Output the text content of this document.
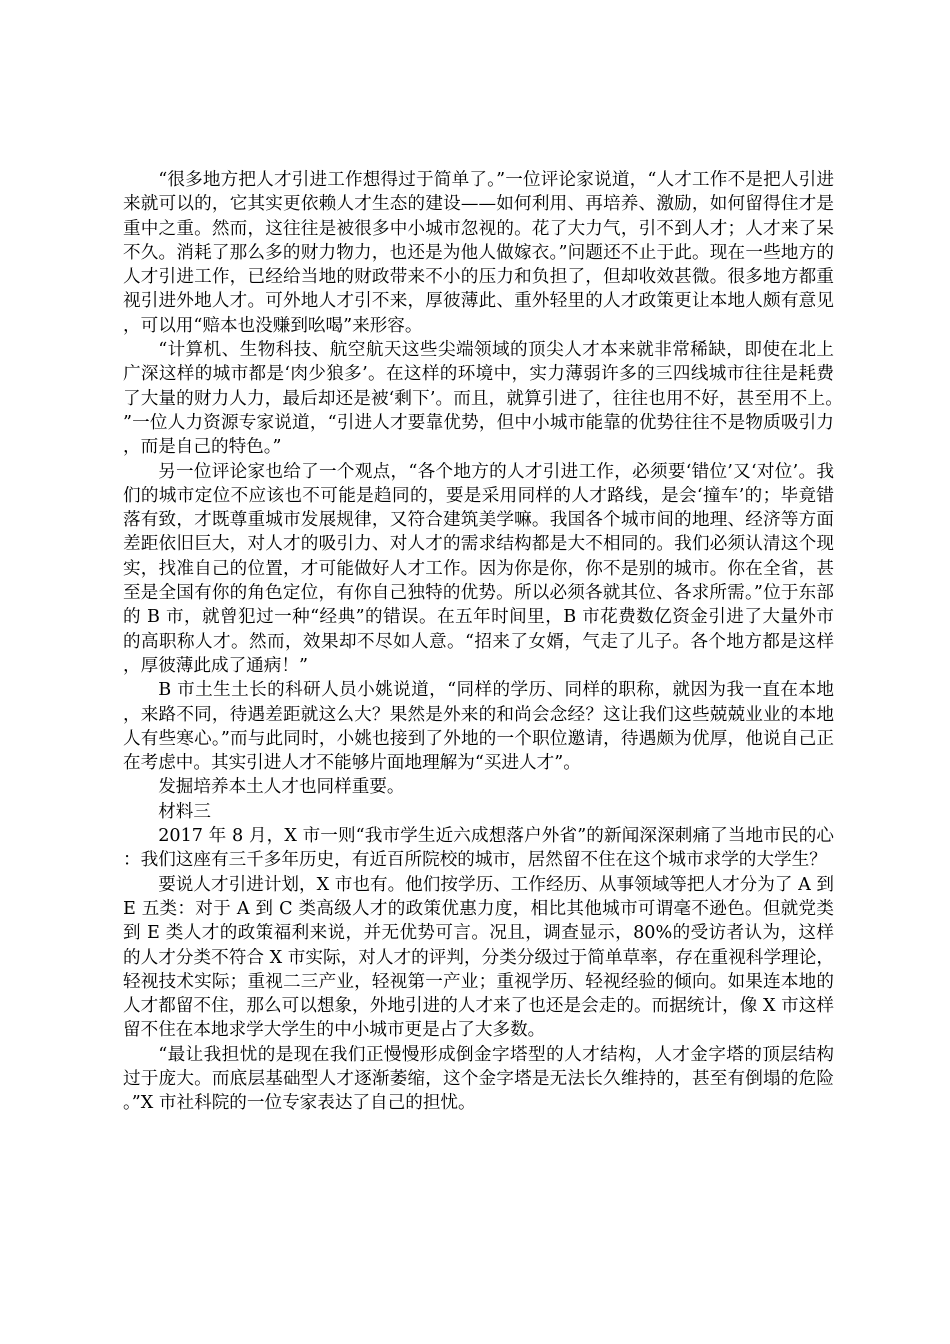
“很多地方把人才引进工作想得过于简单了。”一位评论家说道，“人才工作不是把人引进来就可以的，它其实更依赖人才生态的建设——如何利用、再培养、激励，如何留得住才是重中之重。然而，这往往是被很多中小城市忽视的。花了大力气，引不到人才；人才来了呆不久。消耗了那么多的财力物力，也还是为他人做嫁衣。”问题还不止于此。现在一些地方的人才引进工作，已经给当地的财政带来不小的压力和负担了，但却收效甚微。很多地方都重视引进外地人才。可外地人才引不来，厚彼薄此、重外轻里的人才政策更让本地人颇有意见，可以用“赔本也没赚到吆喝”来形容。

“计算机、生物科技、航空航天这些尖端领域的顶尖人才本来就非常稀缺，即使在北上广深这样的城市都是‘肉少狼多’。在这样的环境中，实力薄弱许多的三四线城市往往是耗费了大量的财力人力，最后却还是被‘剩下’。而且，就算引进了，往往也用不好，甚至用不上。”一位人力资源专家说道，“引进人才要靠优势，但中小城市能靠的优势往往不是物质吸引力，而是自己的特色。”

另一位评论家也给了一个观点，“各个地方的人才引进工作，必须要‘错位’又‘对位’。我们的城市定位不应该也不可能是趋同的，要是采用同样的人才路线，是会‘撞车’的；毕竟错落有致，才既尊重城市发展规律，又符合建筑美学嘛。我国各个城市间的地理、经济等方面差距依旧巨大，对人才的吸引力、对人才的需求结构都是大不相同的。我们必须认清这个现实，找准自己的位置，才可能做好人才工作。因为你是你，你不是别的城市。你在全省，甚至是全国有你的角色定位，有你自己独特的优势。所以必须各就其位、各求所需。”位于东部的 B 市，就曾犯过一种“经典”的错误。在五年时间里，B 市花费数亿资金引进了大量外市的高职称人才。然而，效果却不尽如人意。“招来了女婿，气走了儿子。各个地方都是这样，厚彼薄此成了通病！”

B 市土生土长的科研人员小姚说道，“同样的学历、同样的职称，就因为我一直在本地，来路不同，待遇差距就这么大？果然是外来的和尚会念经？这让我们这些兢兢业业的本地人有些寒心。”而与此同时，小姚也接到了外地的一个职位邀请，待遇颇为优厚，他说自己正在考虑中。其实引进人才不能够片面地理解为“买进人才”。

发掘培养本土人才也同样重要。

材料三

2017 年 8 月，X 市一则“我市学生近六成想落户外省”的新闻深深刺痛了当地市民的心：我们这座有三千多年历史，有近百所院校的城市，居然留不住在这个城市求学的大学生？

要说人才引进计划，X 市也有。他们按学历、工作经历、从事领域等把人才分为了 A 到 E 五类：对于 A 到 C 类高级人才的政策优惠力度，相比其他城市可谓毫不逊色。但就党类到 E 类人才的政策福利来说，并无优势可言。况且，调查显示，80%的受访者认为，这样的人才分类不符合 X 市实际，对人才的评判，分类分级过于简单草率，存在重视科学理论，轻视技术实际；重视二三产业，轻视第一产业；重视学历、轻视经验的倾向。如果连本地的人才都留不住，那么可以想象，外地引进的人才来了也还是会走的。而据统计，像 X 市这样留不住在本地求学大学生的中小城市更是占了大多数。

“最让我担忧的是现在我们正慢慢形成倒金字塔型的人才结构，人才金字塔的顶层结构过于庞大。而底层基础型人才逐渐萎缩，这个金字塔是无法长久维持的，甚至有倒塌的危险。”X 市社科院的一位专家表达了自己的担忧。
